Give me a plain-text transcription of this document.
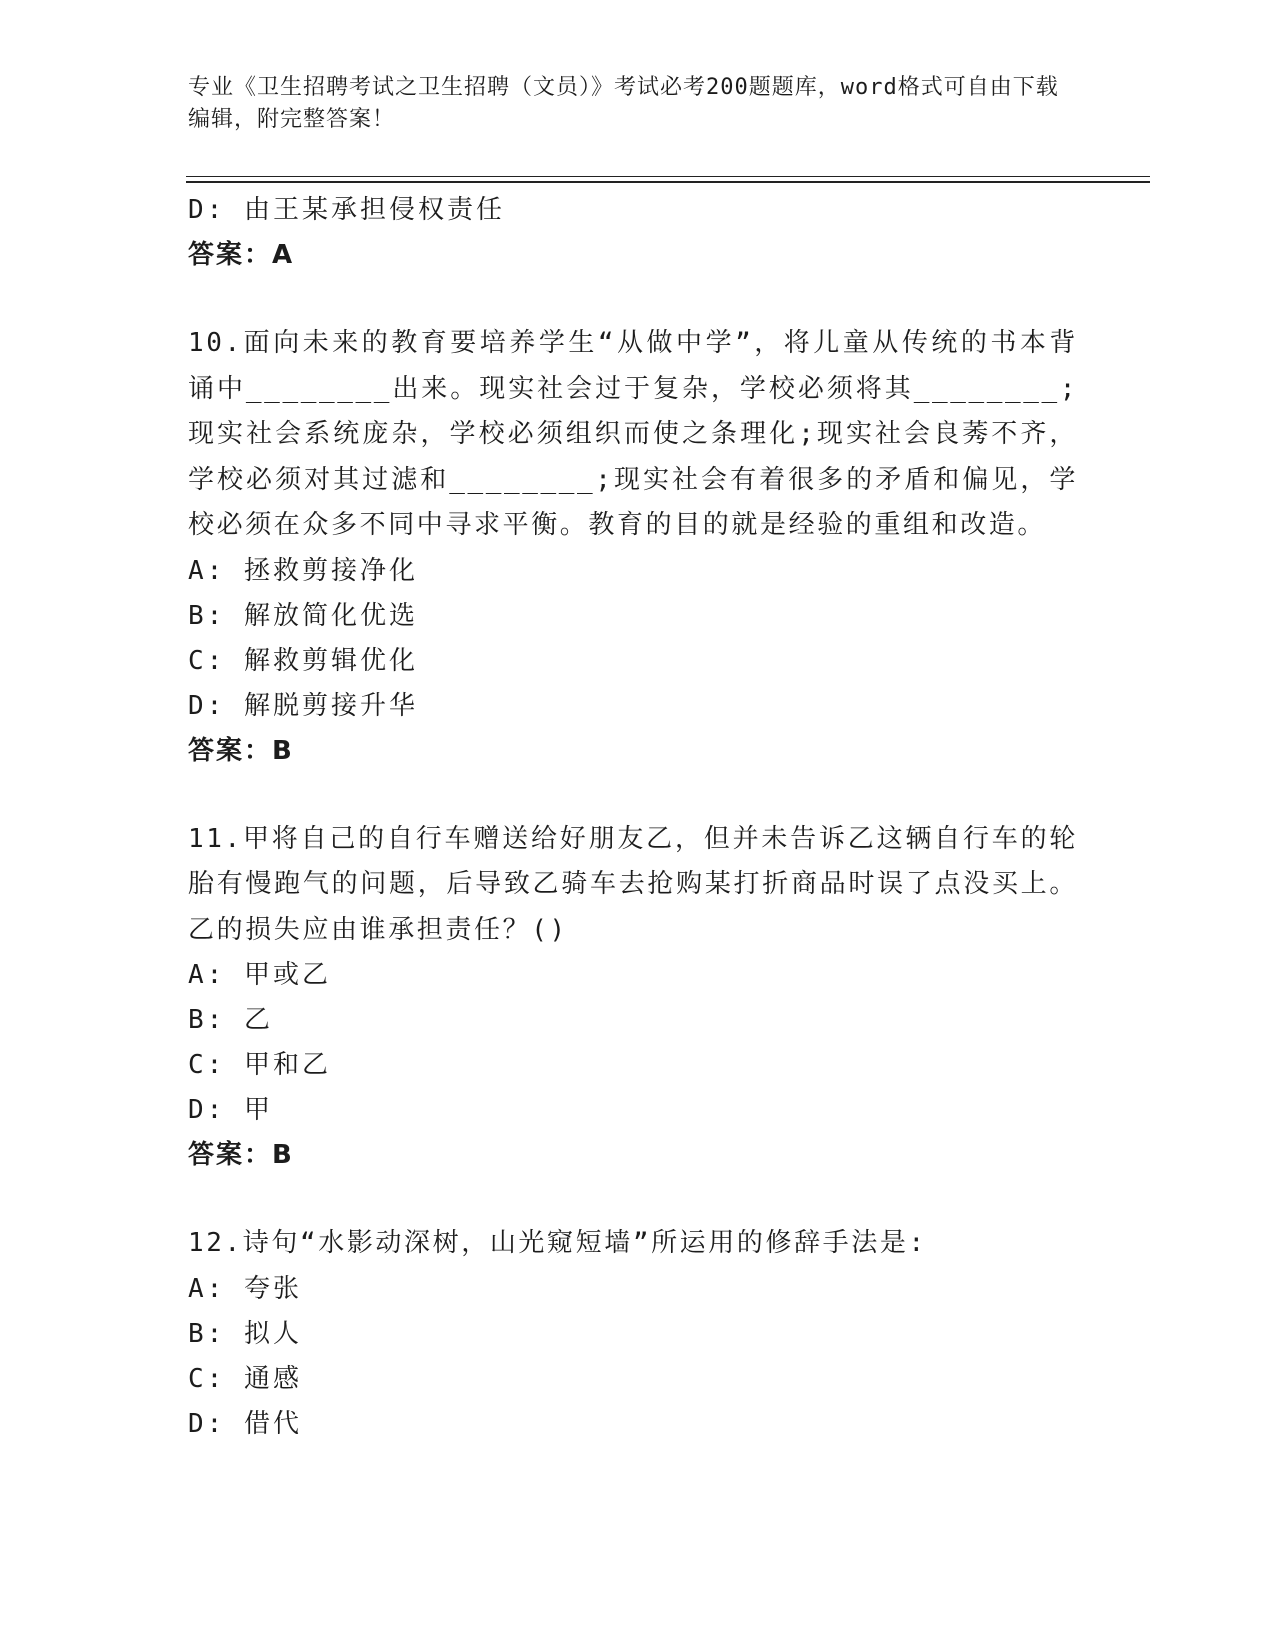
专业《卫生招聘考试之卫生招聘（文员）》考试必考200题题库，word格式可自由下载编辑，附完整答案！

D: 由王某承担侵权责任

答案：A

10.面向未来的教育要培养学生“从做中学”，将儿童从传统的书本背诵中________出来。现实社会过于复杂，学校必须将其________;现实社会系统庞杂，学校必须组织而使之条理化;现实社会良莠不齐，学校必须对其过滤和________;现实社会有着很多的矛盾和偏见，学校必须在众多不同中寻求平衡。教育的目的就是经验的重组和改造。

A: 拯救剪接净化

B: 解放简化优选

C: 解救剪辑优化

D: 解脱剪接升华

答案：B

11.甲将自己的自行车赠送给好朋友乙，但并未告诉乙这辆自行车的轮胎有慢跑气的问题，后导致乙骑车去抢购某打折商品时误了点没买上。乙的损失应由谁承担责任？()

A: 甲或乙

B: 乙

C: 甲和乙

D: 甲

答案：B

12.诗句“水影动深树，山光窥短墙”所运用的修辞手法是:

A: 夸张

B: 拟人

C: 通感

D: 借代
